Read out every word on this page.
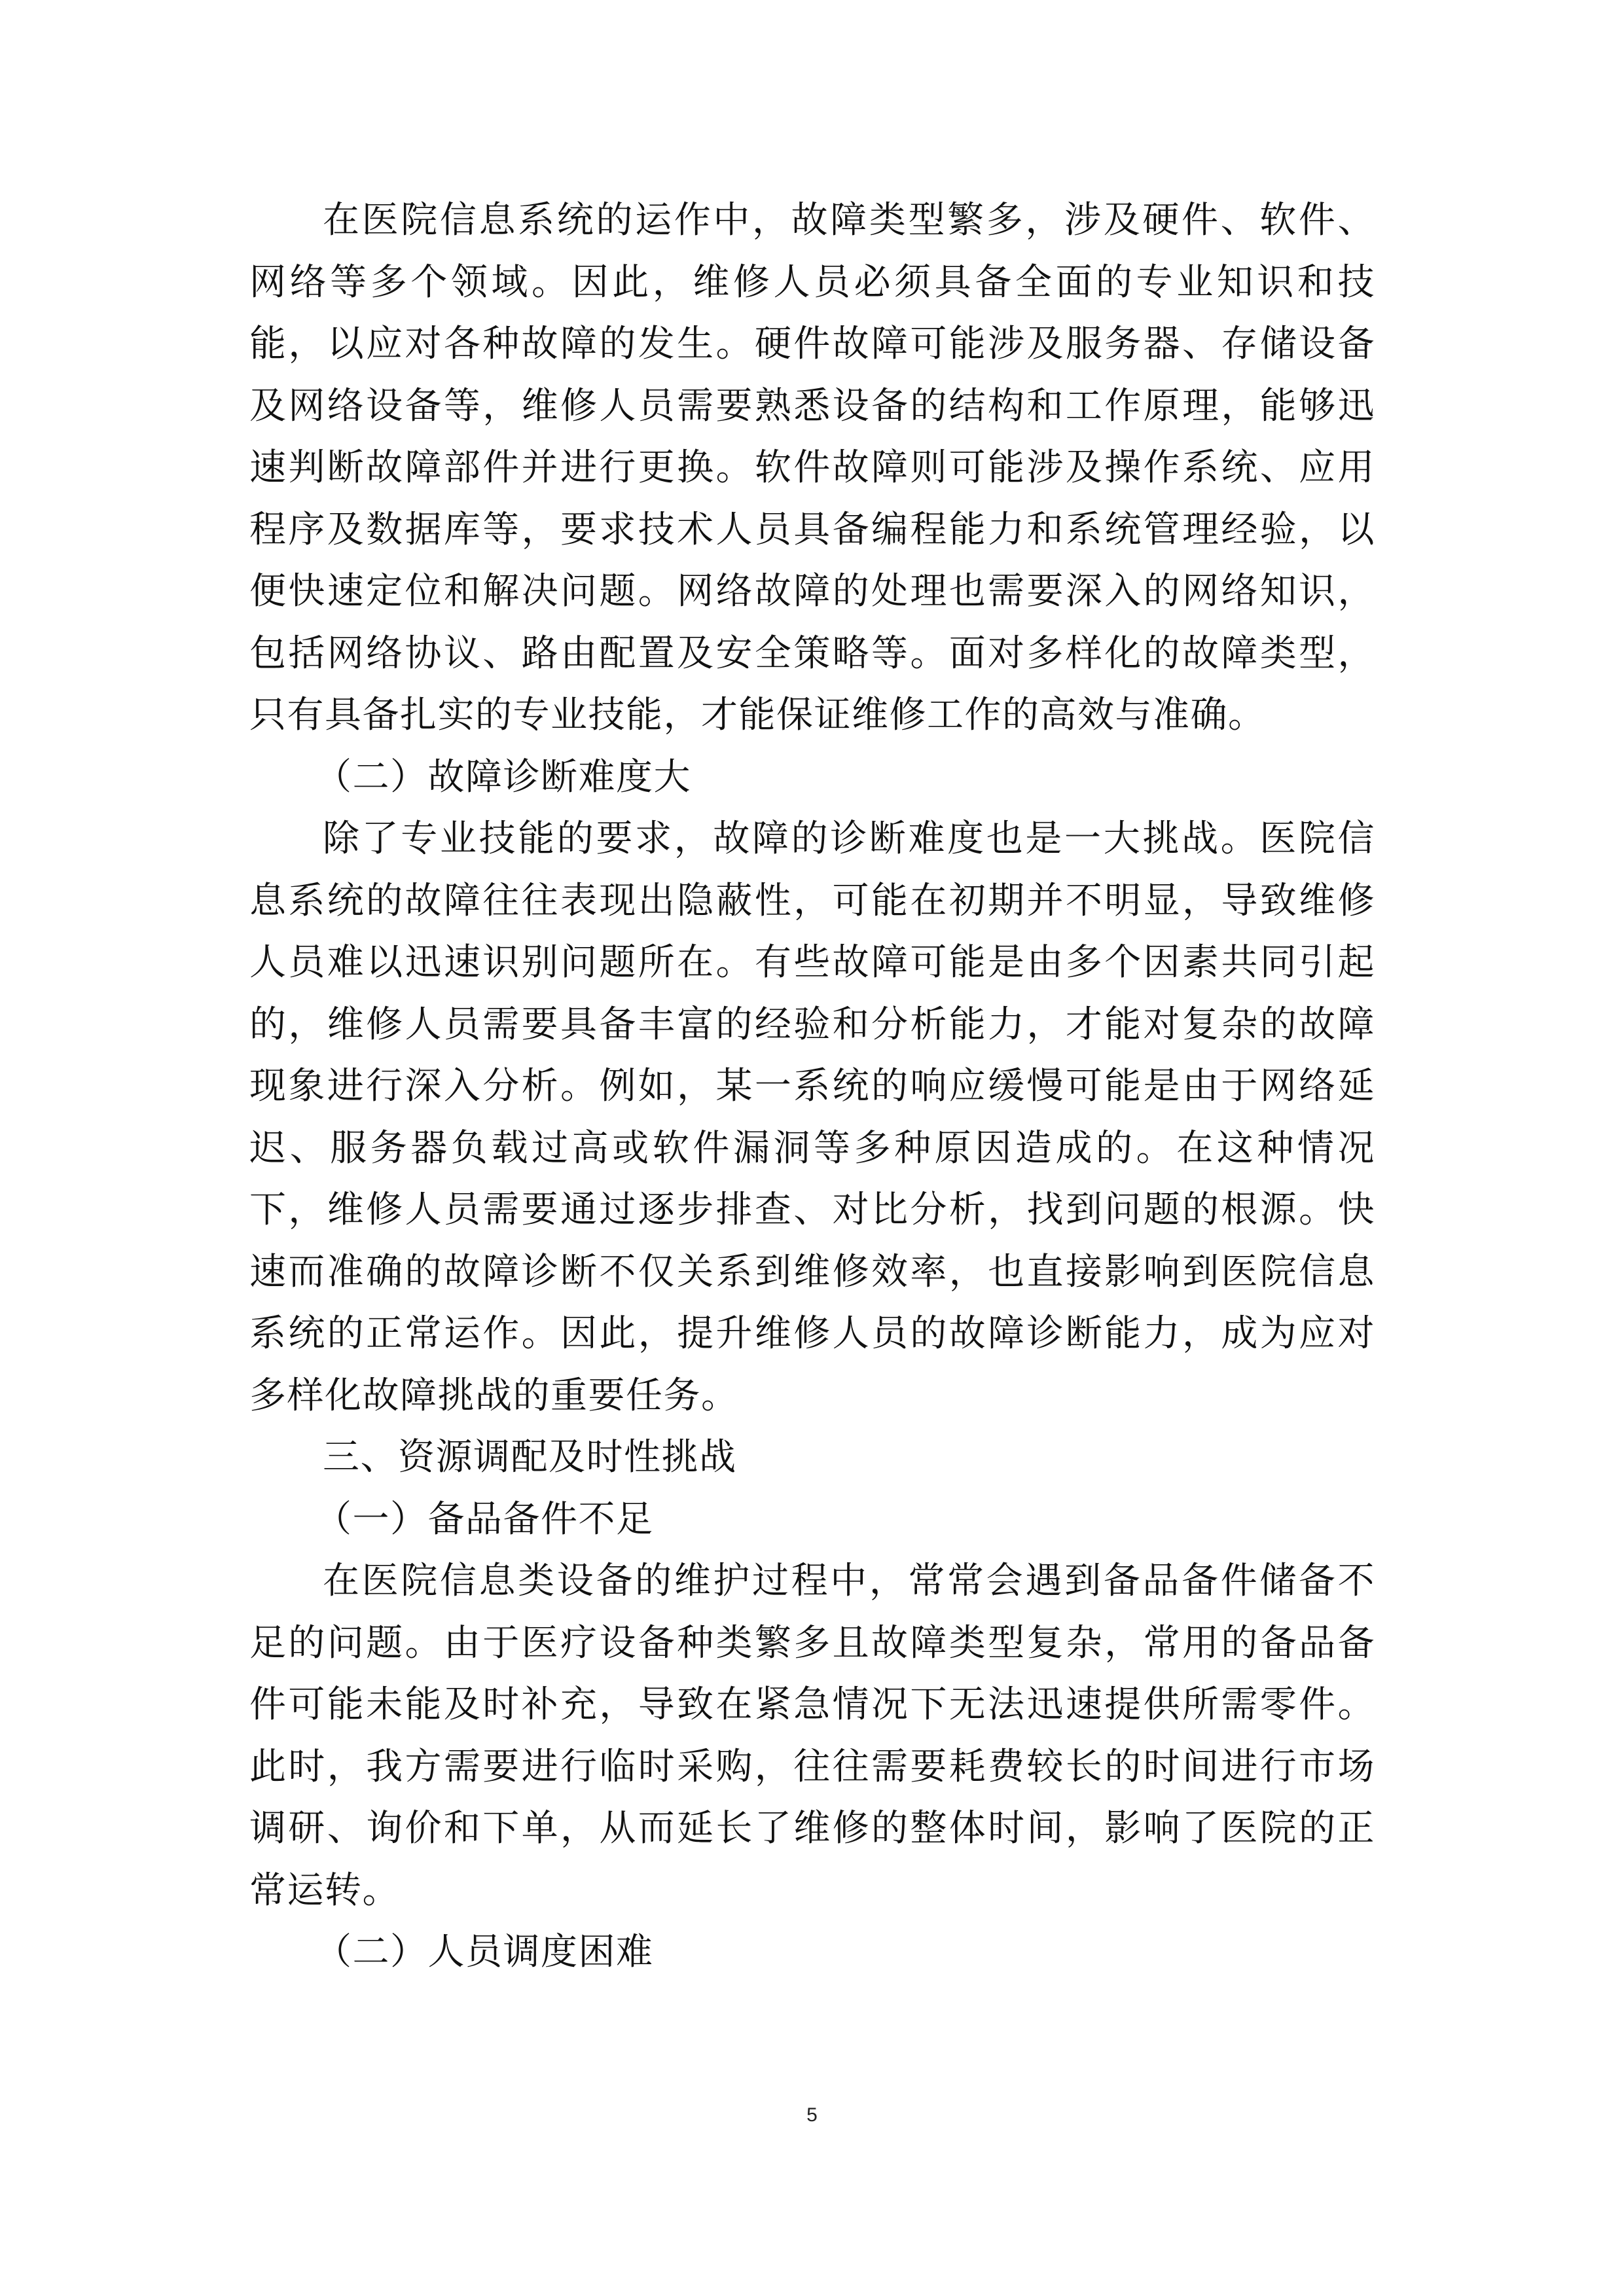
在医院信息系统的运作中，故障类型繁多，涉及硬件、软件、网络等多个领域。因此，维修人员必须具备全面的专业知识和技能，以应对各种故障的发生。硬件故障可能涉及服务器、存储设备及网络设备等，维修人员需要熟悉设备的结构和工作原理，能够迅速判断故障部件并进行更换。软件故障则可能涉及操作系统、应用程序及数据库等，要求技术人员具备编程能力和系统管理经验，以便快速定位和解决问题。网络故障的处理也需要深入的网络知识，包括网络协议、路由配置及安全策略等。面对多样化的故障类型，只有具备扎实的专业技能，才能保证维修工作的高效与准确。

（二）故障诊断难度大

除了专业技能的要求，故障的诊断难度也是一大挑战。医院信息系统的故障往往表现出隐蔽性，可能在初期并不明显，导致维修人员难以迅速识别问题所在。有些故障可能是由多个因素共同引起的，维修人员需要具备丰富的经验和分析能力，才能对复杂的故障现象进行深入分析。例如，某一系统的响应缓慢可能是由于网络延迟、服务器负载过高或软件漏洞等多种原因造成的。在这种情况下，维修人员需要通过逐步排查、对比分析，找到问题的根源。快速而准确的故障诊断不仅关系到维修效率，也直接影响到医院信息系统的正常运作。因此，提升维修人员的故障诊断能力，成为应对多样化故障挑战的重要任务。

三、资源调配及时性挑战

（一）备品备件不足

在医院信息类设备的维护过程中，常常会遇到备品备件储备不足的问题。由于医疗设备种类繁多且故障类型复杂，常用的备品备件可能未能及时补充，导致在紧急情况下无法迅速提供所需零件。此时，我方需要进行临时采购，往往需要耗费较长的时间进行市场调研、询价和下单，从而延长了维修的整体时间，影响了医院的正常运转。

（二）人员调度困难

5
